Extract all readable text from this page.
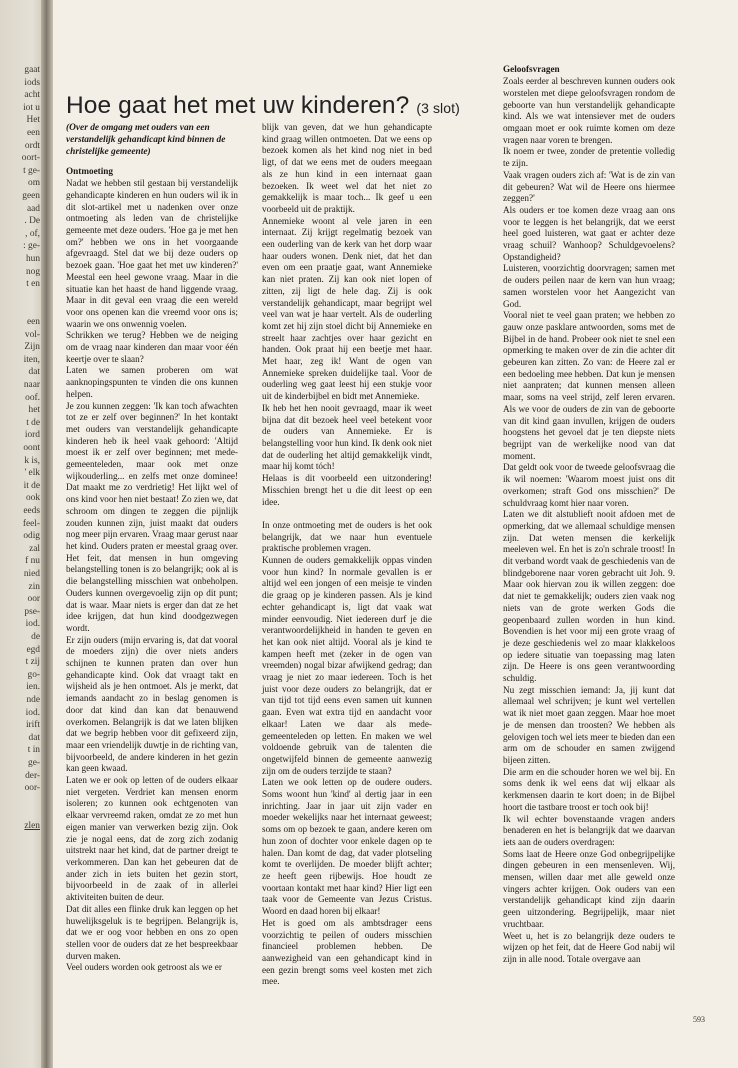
gaat
iods
acht
iot u
Het
een
ordt
oort-
t ge-
om
geen
aad
. De
, of,
: ge-
hun
nog
t en
een
vol-
Zijn
iten,
dat
naar
oof.
het
t de
iord
oont
k is,
' elk
it de
ook
eeds
feel-
odig
zal
f nu
nied
zin
oor
pse-
iod.
de
egd
t zij
go-
ien.
nde
iod.
irift
dat
t in
ge-
der-
oor-
zlen
Hoe gaat het met uw kinderen? (3 slot)
(Over de omgang met ouders van een verstandelijk gehandicapt kind binnen de christelijke gemeente)

Ontmoeting

Nadat we hebben stil gestaan bij verstandelijk gehandicapte kinderen en hun ouders wil ik in dit slot-artikel met u nadenken over onze ontmoeting als leden van de christelijke gemeente met deze ouders. 'Hoe ga je met hen om?' hebben we ons in het voorgaande afgevraagd. Stel dat we bij deze ouders op bezoek gaan. 'Hoe gaat het met uw kinderen?' Meestal een heel gewone vraag. Maar in die situatie kan het haast de hand liggende vraag. Maar in dit geval een vraag die een wereld voor ons openen kan die vreemd voor ons is; waarin we ons onwennig voelen.

Schrikken we terug? Hebben we de neiging om de vraag naar kinderen dan maar voor één keertje over te slaan?

Laten we samen proberen om wat aanknopingspunten te vinden die ons kunnen helpen.

Je zou kunnen zeggen: 'Ik kan toch afwachten tot ze er zelf over beginnen?' In het kontakt met ouders van verstandelijk gehandicapte kinderen heb ik heel vaak gehoord: 'Altijd moest ik er zelf over beginnen; met mede-gemeenteleden, maar ook met onze wijkouderling... en zelfs met onze dominee! Dat maakt me zo verdrietig! Het lijkt wel of ons kind voor hen niet bestaat! Zo zien we, dat schroom om dingen te zeggen die pijnlijk zouden kunnen zijn, juist maakt dat ouders nog meer pijn ervaren. Vraag maar gerust naar het kind. Ouders praten er meestal graag over. Het feit, dat mensen in hun omgeving belangstelling tonen is zo belangrijk; ook al is die belangstelling misschien wat onbeholpen. Ouders kunnen overgevoelig zijn op dit punt; dat is waar. Maar niets is erger dan dat ze het idee krijgen, dat hun kind doodgezwegen wordt.

Er zijn ouders (mijn ervaring is, dat dat vooral de moeders zijn) die over niets anders schijnen te kunnen praten dan over hun gehandicapte kind. Ook dat vraagt takt en wijsheid als je hen ontmoet. Als je merkt, dat iemands aandacht zo in beslag genomen is door dat kind dan kan dat benauwend overkomen. Belangrijk is dat we laten blijken dat we begrip hebben voor dit gefixeerd zijn, maar een vriendelijk duwtje in de richting van, bijvoorbeeld, de andere kinderen in het gezin kan geen kwaad.

Laten we er ook op letten of de ouders elkaar niet vergeten. Verdriet kan mensen enorm isoleren; zo kunnen ook echtgenoten van elkaar vervreemd raken, omdat ze zo met hun eigen manier van verwerken bezig zijn. Ook zie je nogal eens, dat de zorg zich zodanig uitstrekt naar het kind, dat de partner dreigt te verkommeren. Dan kan het gebeuren dat de ander zich in iets buiten het gezin stort, bijvoorbeeld in de zaak of in allerlei aktiviteiten buiten de deur.

Dat dit alles een flinke druk kan leggen op het huwelijksgeluk is te begrijpen. Belangrijk is, dat we er oog voor hebben en ons zo open stellen voor de ouders dat ze het bespreekbaar durven maken.

Veel ouders worden ook getroost als we er

blijk van geven, dat we hun gehandicapte kind graag willen ontmoeten. Dat we eens op bezoek komen als het kind nog niet in bed ligt, of dat we eens met de ouders meegaan als ze hun kind in een internaat gaan bezoeken. Ik weet wel dat het niet zo gemakkelijk is maar toch... Ik geef u een voorbeeld uit de praktijk.

Annemieke woont al vele jaren in een internaat. Zij krijgt regelmatig bezoek van een ouderling van de kerk van het dorp waar haar ouders wonen. Denk niet, dat het dan even om een praatje gaat, want Annemieke kan niet praten. Zij kan ook niet lopen of zitten, zij ligt de hele dag. Zij is ook verstandelijk gehandicapt, maar begrijpt wel veel van wat je haar vertelt. Als de ouderling komt zet hij zijn stoel dicht bij Annemieke en streelt haar zachtjes over haar gezicht en handen. Ook praat hij een beetje met haar. Met haar, zeg ik! Want de ogen van Annemieke spreken duidelijke taal. Voor de ouderling weg gaat leest hij een stukje voor uit de kinderbijbel en bidt met Annemieke.

Ik heb het hen nooit gevraagd, maar ik weet bijna dat dit bezoek heel veel betekent voor de ouders van Annemieke. Er is belangstelling voor hun kind. Ik denk ook niet dat de ouderling het altijd gemakkelijk vindt, maar hij komt tóch!

Helaas is dit voorbeeld een uitzondering! Misschien brengt het u die dit leest op een idee.

In onze ontmoeting met de ouders is het ook belangrijk, dat we naar hun eventuele praktische problemen vragen.

Kunnen de ouders gemakkelijk oppas vinden voor hun kind? In normale gevallen is er altijd wel een jongen of een meisje te vinden die graag op je kinderen passen. Als je kind echter gehandicapt is, ligt dat vaak wat minder eenvoudig. Niet iedereen durf je die verantwoordelijkheid in handen te geven en het kan ook niet altijd. Vooral als je kind te kampen heeft met (zeker in de ogen van vreemden) nogal bizar afwijkend gedrag; dan vraag je niet zo maar iedereen. Toch is het juist voor deze ouders zo belangrijk, dat er van tijd tot tijd eens even samen uit kunnen gaan. Even wat extra tijd en aandacht voor elkaar! Laten we daar als mede-gemeenteleden op letten. En maken we wel voldoende gebruik van de talenten die ongetwijfeld binnen de gemeente aanwezig zijn om de ouders terzijde te staan?

Laten we ook letten op de oudere ouders. Soms woont hun 'kind' al dertig jaar in een inrichting. Jaar in jaar uit zijn vader en moeder wekelijks naar het internaat geweest; soms om op bezoek te gaan, andere keren om hun zoon of dochter voor enkele dagen op te halen. Dan komt de dag, dat vader plotseling komt te overlijden. De moeder blijft achter; ze heeft geen rijbewijs. Hoe houdt ze voortaan kontakt met haar kind? Hier ligt een taak voor de Gemeente van Jezus Cristus. Woord en daad horen bij elkaar!

Het is goed om als ambtsdrager eens voorzichtig te peilen of ouders misschien financieel problemen hebben. De aanwezigheid van een gehandicapt kind in een gezin brengt soms veel kosten met zich mee.

Geloofsvragen

Zoals eerder al beschreven kunnen ouders ook worstelen met diepe geloofsvragen rondom de geboorte van hun verstandelijk gehandicapte kind. Als we wat intensiever met de ouders omgaan moet er ook ruimte komen om deze vragen naar voren te brengen.

Ik noem er twee, zonder de pretentie volledig te zijn.

Vaak vragen ouders zich af: 'Wat is de zin van dit gebeuren? Wat wil de Heere ons hiermee zeggen?'

Als ouders er toe komen deze vraag aan ons voor te leggen is het belangrijk, dat we eerst heel goed luisteren, wat gaat er achter deze vraag schuil? Wanhoop? Schuldgevoelens? Opstandigheid?

Luisteren, voorzichtig doorvragen; samen met de ouders peilen naar de kern van hun vraag; samen worstelen voor het Aangezicht van God.

Vooral niet te veel gaan praten; we hebben zo gauw onze pasklare antwoorden, soms met de Bijbel in de hand. Probeer ook niet te snel een opmerking te maken over de zin die achter dit gebeuren kan zitten. Zo van: de Heere zal er een bedoeling mee hebben. Dat kun je mensen niet aanpraten; dat kunnen mensen alleen maar, soms na veel strijd, zelf leren ervaren. Als we voor de ouders de zin van de geboorte van dit kind gaan invullen, krijgen de ouders hoogstens het gevoel dat je ten diepste niets begrijpt van de werkelijke nood van dat moment.

Dat geldt ook voor de tweede geloofsvraag die ik wil noemen: 'Waarom moest juist ons dit overkomen; straft God ons misschien?' De schuldvraag komt hier naar voren.

Laten we dit alstublieft nooit afdoen met de opmerking, dat we allemaal schuldige mensen zijn. Dat weten mensen die kerkelijk meeleven wel. En het is zo'n schrale troost! In dit verband wordt vaak de geschiedenis van de blindgeborene naar voren gebracht uit Joh. 9. Maar ook hiervan zou ik willen zeggen: doe dat niet te gemakkelijk; ouders zien vaak nog niets van de grote werken Gods die geopenbaard zullen worden in hun kind. Bovendien is het voor mij een grote vraag of je deze geschiedenis wel zo maar klakkeloos op iedere situatie van toepassing mag laten zijn. De Heere is ons geen verantwoording schuldig.

Nu zegt misschien iemand: Ja, jij kunt dat allemaal wel schrijven; je kunt wel vertellen wat ik niet moet gaan zeggen. Maar hoe moet je de mensen dan troosten? We hebben als gelovigen toch wel iets meer te bieden dan een arm om de schouder en samen zwijgend bijeen zitten.

Die arm en die schouder horen we wel bij. En soms denk ik wel eens dat wij elkaar als kerkmensen daarin te kort doen; in de Bijbel hoort die tastbare troost er toch ook bij!

Ik wil echter bovenstaande vragen anders benaderen en het is belangrijk dat we daarvan iets aan de ouders overdragen:

Soms laat de Heere onze God onbegrijpelijke dingen gebeuren in een mensenleven. Wij, mensen, willen daar met alle geweld onze vingers achter krijgen. Ook ouders van een verstandelijk gehandicapt kind zijn daarin geen uitzondering. Begrijpelijk, maar niet vruchtbaar.

Weet u, het is zo belangrijk deze ouders te wijzen op het feit, dat de Heere God nabij wil zijn in alle nood. Totale overgave aan

593
